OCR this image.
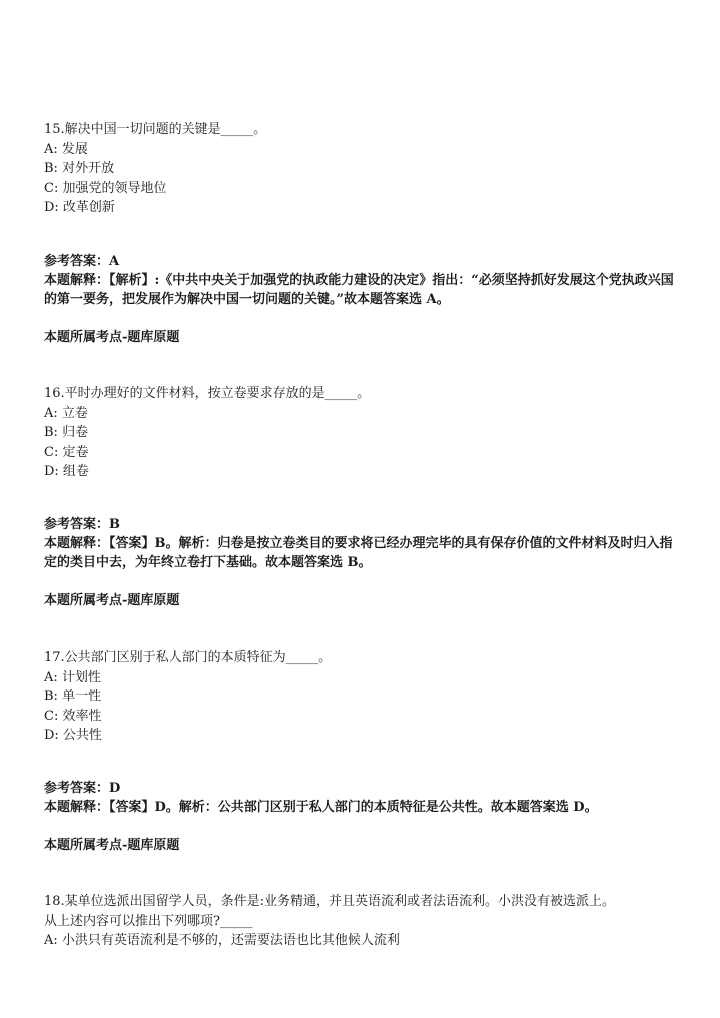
15.解决中国一切问题的关键是_____。
A: 发展
B: 对外开放
C: 加强党的领导地位
D: 改革创新
参考答案：A
本题解释：【解析】:《中共中央关于加强党的执政能力建设的决定》指出：“必须坚持抓好发展这个党执政兴国的第一要务，把发展作为解决中国一切问题的关键。”故本题答案选 A。
本题所属考点-题库原题
16.平时办理好的文件材料，按立卷要求存放的是_____。
A: 立卷
B: 归卷
C: 定卷
D: 组卷
参考答案：B
本题解释：【答案】B。解析：归卷是按立卷类目的要求将已经办理完毕的具有保存价值的文件材料及时归入指定的类目中去，为年终立卷打下基础。故本题答案选 B。
本题所属考点-题库原题
17.公共部门区别于私人部门的本质特征为_____。
A: 计划性
B: 单一性
C: 效率性
D: 公共性
参考答案：D
本题解释：【答案】D。解析：公共部门区别于私人部门的本质特征是公共性。故本题答案选 D。
本题所属考点-题库原题
18.某单位选派出国留学人员，条件是:业务精通，并且英语流利或者法语流利。小洪没有被选派上。
从上述内容可以推出下列哪项?_____
A: 小洪只有英语流利是不够的，还需要法语也比其他候人流利
